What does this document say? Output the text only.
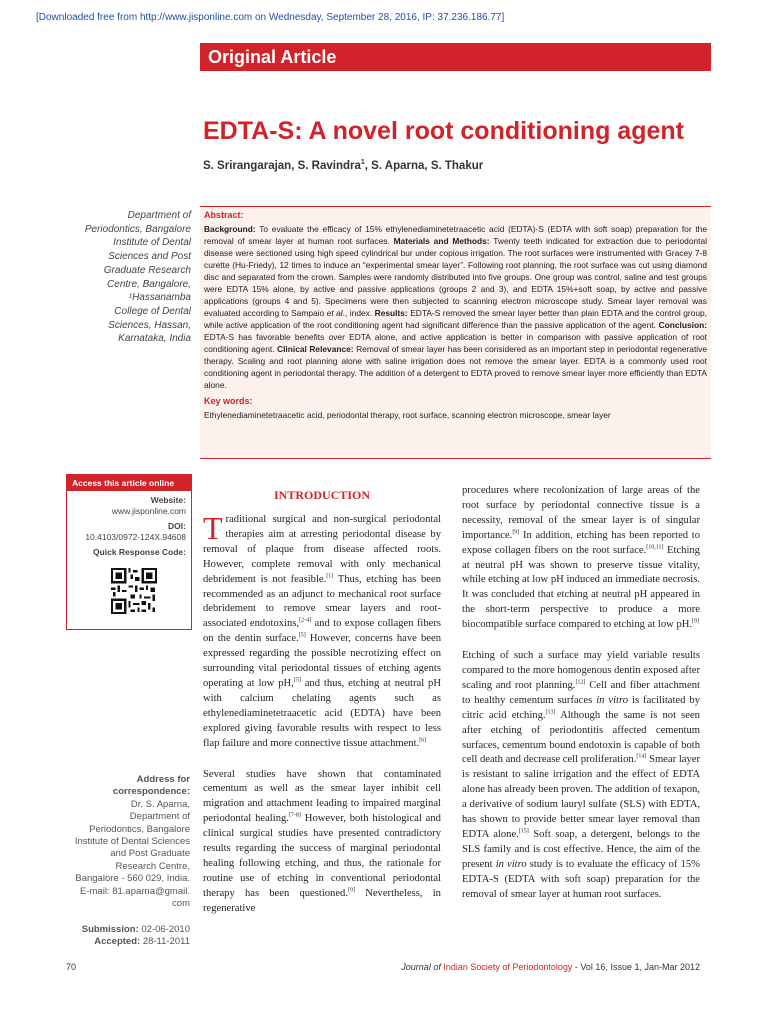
[Downloaded free from http://www.jisponline.com on Wednesday, September 28, 2016, IP: 37.236.186.77]
Original Article
EDTA-S: A novel root conditioning agent
S. Srirangarajan, S. Ravindra$^1$, S. Aparna, S. Thakur
Department of
Periodontics, Bangalore
Institute of Dental
Sciences and Post
Graduate Research
Centre, Bangalore,
¹Hassanamba
College of Dental
Sciences, Hassan,
Karnataka, India
Abstract:
Background: To evaluate the efficacy of 15% ethylenediaminetetraacetic acid (EDTA)-S (EDTA with soft soap) preparation for the removal of smear layer at human root surfaces. Materials and Methods: Twenty teeth indicated for extraction due to periodontal disease were sectioned using high speed cylindrical bur under copious irrigation. The root surfaces were instrumented with Gracey 7-8 curette (Hu-Friedy), 12 times to induce an “experimental smear layer”. Following root planning, the root surface was cut using diamond disc and separated from the crown. Samples were randomly distributed into five groups. One group was control, saline and test groups were EDTA 15% alone, by active and passive applications (groups 2 and 3), and EDTA 15%+soft soap, by active and passive applications (groups 4 and 5). Specimens were then subjected to scanning electron microscope study. Smear layer removal was evaluated according to Sampaio et al., index. Results: EDTA-S removed the smear layer better than plain EDTA and the control group, while active application of the root conditioning agent had significant difference than the passive application of the agent. Conclusion: EDTA-S has favorable benefits over EDTA alone, and active application is better in comparison with passive application of root conditioning agent. Clinical Relevance: Removal of smear layer has been considered as an important step in periodontal regenerative therapy. Scaling and root planning alone with saline irrigation does not remove the smear layer. EDTA is a commonly used root conditioning agent in periodontal therapy. The addition of a detergent to EDTA proved to remove smear layer more efficiently than EDTA alone.
Key words:
Ethylenediaminetetraacetic acid, periodontal therapy, root surface, scanning electron microscope, smear layer
Access this article online
Website:
www.jisponline.com
DOI:
10.4103/0972-124X.94608
Quick Response Code:
Address for
correspondence:
Dr. S. Aparna,
Department of
Periodontics, Bangalore
Institute of Dental Sciences
and Post Graduate
Research Centre,
Bangalore - 560 029, India.
E-mail: 81.aparna@gmail.
com
Submission: 02-06-2010
Accepted: 28-11-2011
INTRODUCTION

Traditional surgical and non-surgical periodontal therapies aim at arresting periodontal disease by removal of plaque from disease affected roots. However, complete removal with only mechanical debridement is not feasible.[1] Thus, etching has been recommended as an adjunct to mechanical root surface debridement to remove smear layers and root-associated endotoxins,[2-4] and to expose collagen fibers on the dentin surface.[5] However, concerns have been expressed regarding the possible necrotizing effect on surrounding vital periodontal tissues of etching agents operating at low pH,[5] and thus, etching at neutral pH with calcium chelating agents such as ethylenediaminetetraacetic acid (EDTA) have been explored giving favorable results with respect to less flap failure and more connective tissue attachment.[6]

Several studies have shown that contaminated cementum as well as the smear layer inhibit cell migration and attachment leading to impaired marginal periodontal healing.[7-8] However, both histological and clinical surgical studies have presented contradictory results regarding the success of marginal periodontal healing following etching, and thus, the rationale for routine use of etching in conventional periodontal therapy has been questioned.[9] Nevertheless, in regenerative

procedures where recolonization of large areas of the root surface by periodontal connective tissue is a necessity, removal of the smear layer is of singular importance.[9] In addition, etching has been reported to expose collagen fibers on the root surface.[10,11] Etching at neutral pH was shown to preserve tissue vitality, while etching at low pH induced an immediate necrosis. It was concluded that etching at neutral pH appeared in the short-term perspective to produce a more biocompatible surface compared to etching at low pH.[9]

Etching of such a surface may yield variable results compared to the more homogenous dentin exposed after scaling and root planning.[12] Cell and fiber attachment to healthy cementum surfaces in vitro is facilitated by citric acid etching.[13] Although the same is not seen after etching of periodontitis affected cementum surfaces, cementum bound endotoxin is capable of both cell death and decrease cell proliferation.[14] Smear layer is resistant to saline irrigation and the effect of EDTA alone has already been proven. The addition of texapon, a derivative of sodium lauryl sulfate (SLS) with EDTA, has shown to provide better smear layer removal than EDTA alone.[15] Soft soap, a detergent, belongs to the SLS family and is cost effective. Hence, the aim of the present in vitro study is to evaluate the efficacy of 15% EDTA-S (EDTA with soft soap) preparation for the removal of smear layer at human root surfaces.

70	Journal of Indian Society of Periodontology - Vol 16, Issue 1, Jan-Mar 2012
